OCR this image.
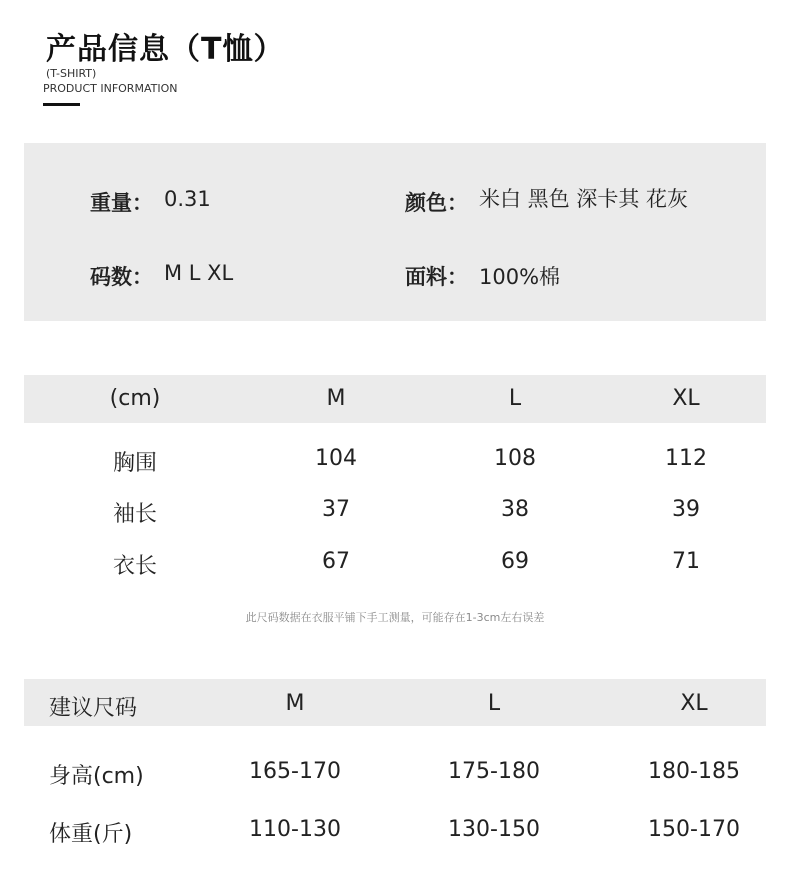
产品信息（T恤）
(T-SHIRT)
PRODUCT INFORMATION
重量： 0.31
码数： M L XL
颜色： 米白 黑色 深卡其 花灰
面料： 100%棉
(cm)	M	L	XL
胸围	104	108	112
袖长	37	38	39
衣长	67	69	71
此尺码数据在衣服平铺下手工测量，可能存在1-3cm左右误差
建议尺码	M	L	XL
身高(cm)	165-170	175-180	180-185
体重(斤)	110-130	130-150	150-170
